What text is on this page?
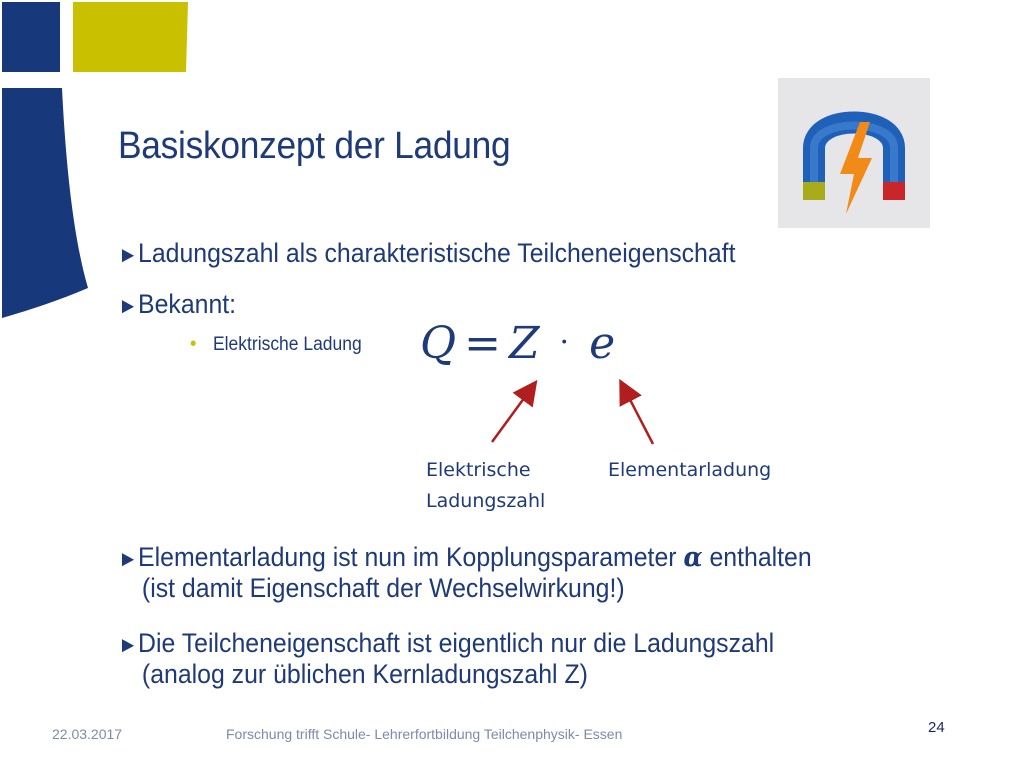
Basiskonzept der Ladung
►Ladungszahl als charakteristische Teilcheneigenschaft
►Bekannt:
• Elektrische Ladung Q = Z · e
Elektrische
Ladungszahl
Elementarladung
►Elementarladung ist nun im Kopplungsparameter α enthalten
(ist damit Eigenschaft der Wechselwirkung!)
►Die Teilcheneigenschaft ist eigentlich nur die Ladungszahl
(analog zur üblichen Kernladungszahl Z)
22.03.2017	Forschung trifft Schule- Lehrerfortbildung Teilchenphysik- Essen	24
